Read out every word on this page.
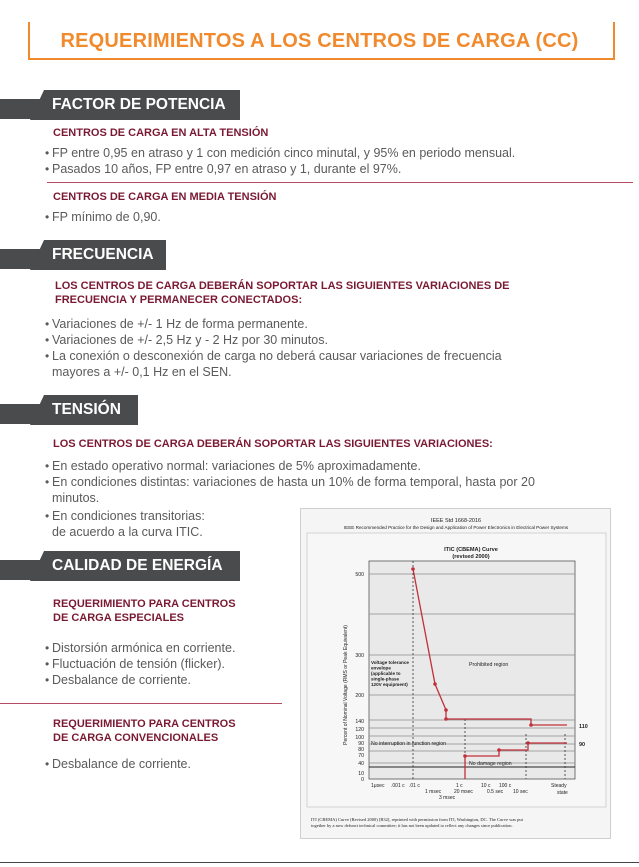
REQUERIMIENTOS A LOS CENTROS DE CARGA (CC)
FACTOR DE POTENCIA
CENTROS DE CARGA EN ALTA TENSIÓN
• FP entre 0,95 en atraso y 1 con medición cinco minutal, y 95% en periodo mensual.
• Pasados 10 años, FP entre 0,97 en atraso y 1, durante el 97%.
CENTROS DE CARGA EN MEDIA TENSIÓN
• FP mínimo de 0,90.
FRECUENCIA
LOS CENTROS DE CARGA DEBERÁN SOPORTAR LAS SIGUIENTES VARIACIONES DE
FRECUENCIA Y PERMANECER CONECTADOS:
• Variaciones de +/- 1 Hz de forma permanente.
• Variaciones de +/- 2,5 Hz y - 2 Hz por 30 minutos.
• La conexión o desconexión de carga no deberá causar variaciones de frecuencia
mayores a +/- 0,1 Hz en el SEN.
TENSIÓN
LOS CENTROS DE CARGA DEBERÁN SOPORTAR LAS SIGUIENTES VARIACIONES:
• En estado operativo normal: variaciones de 5% aproximadamente.
• En condiciones distintas: variaciones de hasta un 10% de forma temporal, hasta por 20
minutos.
• En condiciones transitorias:
de acuerdo a la curva ITIC.
CALIDAD DE ENERGÍA
REQUERIMIENTO PARA CENTROS
DE CARGA ESPECIALES
• Distorsión armónica en corriente.
• Fluctuación de tensión (flicker).
• Desbalance de corriente.
REQUERIMIENTO PARA CENTROS
DE CARGA CONVENCIONALES
• Desbalance de corriente.
IEEE Std 1668-2016
IEEE Recommended Practice for the Design and Application of Power Electronics in Electrical Power Systems
ITIC (CBEMA) Curve
(revised 2000)
Percent of Nominal Voltage (RMS or Peak Equivalent)
500
300
200
140
120
100
90
80
70
40
10
0
Voltage tolerance envelope (applicable to single-phase 120V equipment)
Prohibited region
No interruption in function region
No damage region
110
90
1μsec .001 c .01 c
1 msec
1 c
20 msec
10 c
0.5 sec
100 c
10 sec
Steady
state
3 msec
ITI (CBEMA) Curve (Revised 2000) [B32], reprinted with permission from ITI, Washington, DC. The Curve was put
together by a now defunct technical committee; it has not been updated to reflect any changes since publication.
